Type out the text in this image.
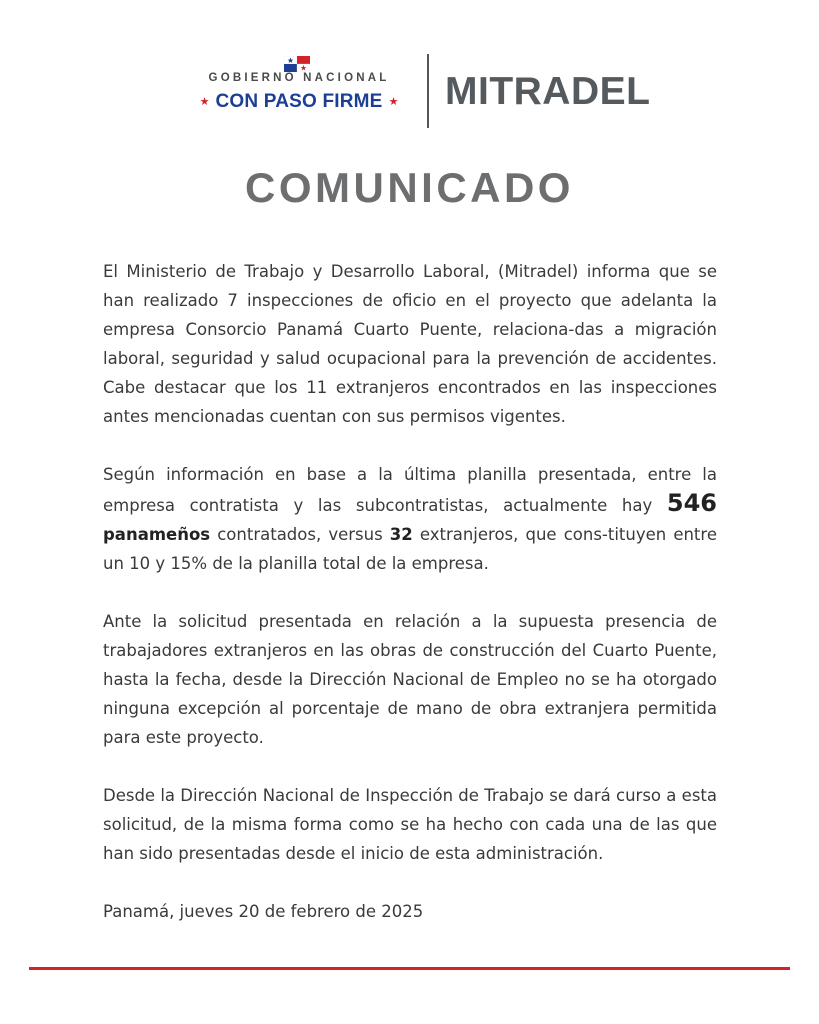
GOBIERNO NACIONAL
★ CON PASO FIRME ★ MITRADEL
COMUNICADO

El Ministerio de Trabajo y Desarrollo Laboral, (Mitradel) informa que se han realizado 7 inspecciones de oficio en el proyecto que adelanta la empresa Consorcio Panamá Cuarto Puente, relaciona-das a migración laboral, seguridad y salud ocupacional para la prevención de accidentes. Cabe destacar que los 11 extranjeros encontrados en las inspecciones antes mencionadas cuentan con sus permisos vigentes.

Según información en base a la última planilla presentada, entre la empresa contratista y las subcontratistas, actualmente hay 546 panameños contratados, versus 32 extranjeros, que cons-tituyen entre un 10 y 15% de la planilla total de la empresa.

Ante la solicitud presentada en relación a la supuesta presencia de trabajadores extranjeros en las obras de construcción del Cuarto Puente, hasta la fecha, desde la Dirección Nacional de Empleo no se ha otorgado ninguna excepción al porcentaje de mano de obra extranjera permitida para este proyecto.

Desde la Dirección Nacional de Inspección de Trabajo se dará curso a esta solicitud, de la misma forma como se ha hecho con cada una de las que han sido presentadas desde el inicio de esta administración.

Panamá, jueves 20 de febrero de 2025
